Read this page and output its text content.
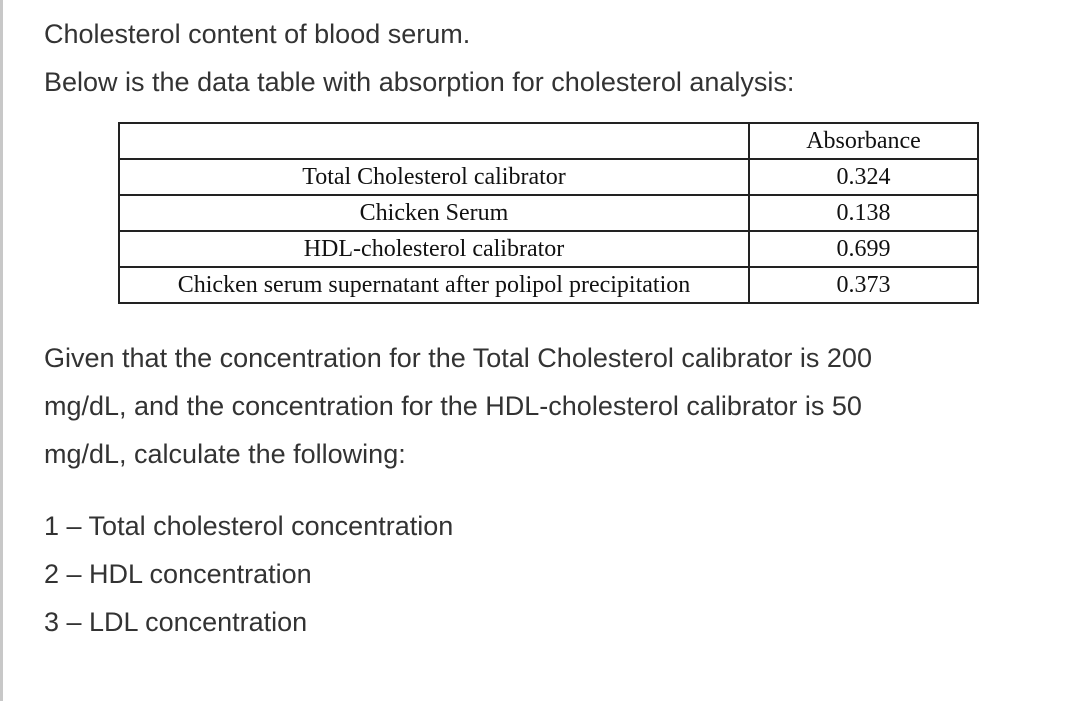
Cholesterol content of blood serum.

Below is the data table with absorption for cholesterol analysis:

	Absorbance
Total Cholesterol calibrator	0.324
Chicken Serum	0.138
HDL-cholesterol calibrator	0.699
Chicken serum supernatant after polipol precipitation	0.373
Given that the concentration for the Total Cholesterol calibrator is 200
mg/dL, and the concentration for the HDL-cholesterol calibrator is 50
mg/dL, calculate the following:

1 – Total cholesterol concentration

2 – HDL concentration

3 – LDL concentration
